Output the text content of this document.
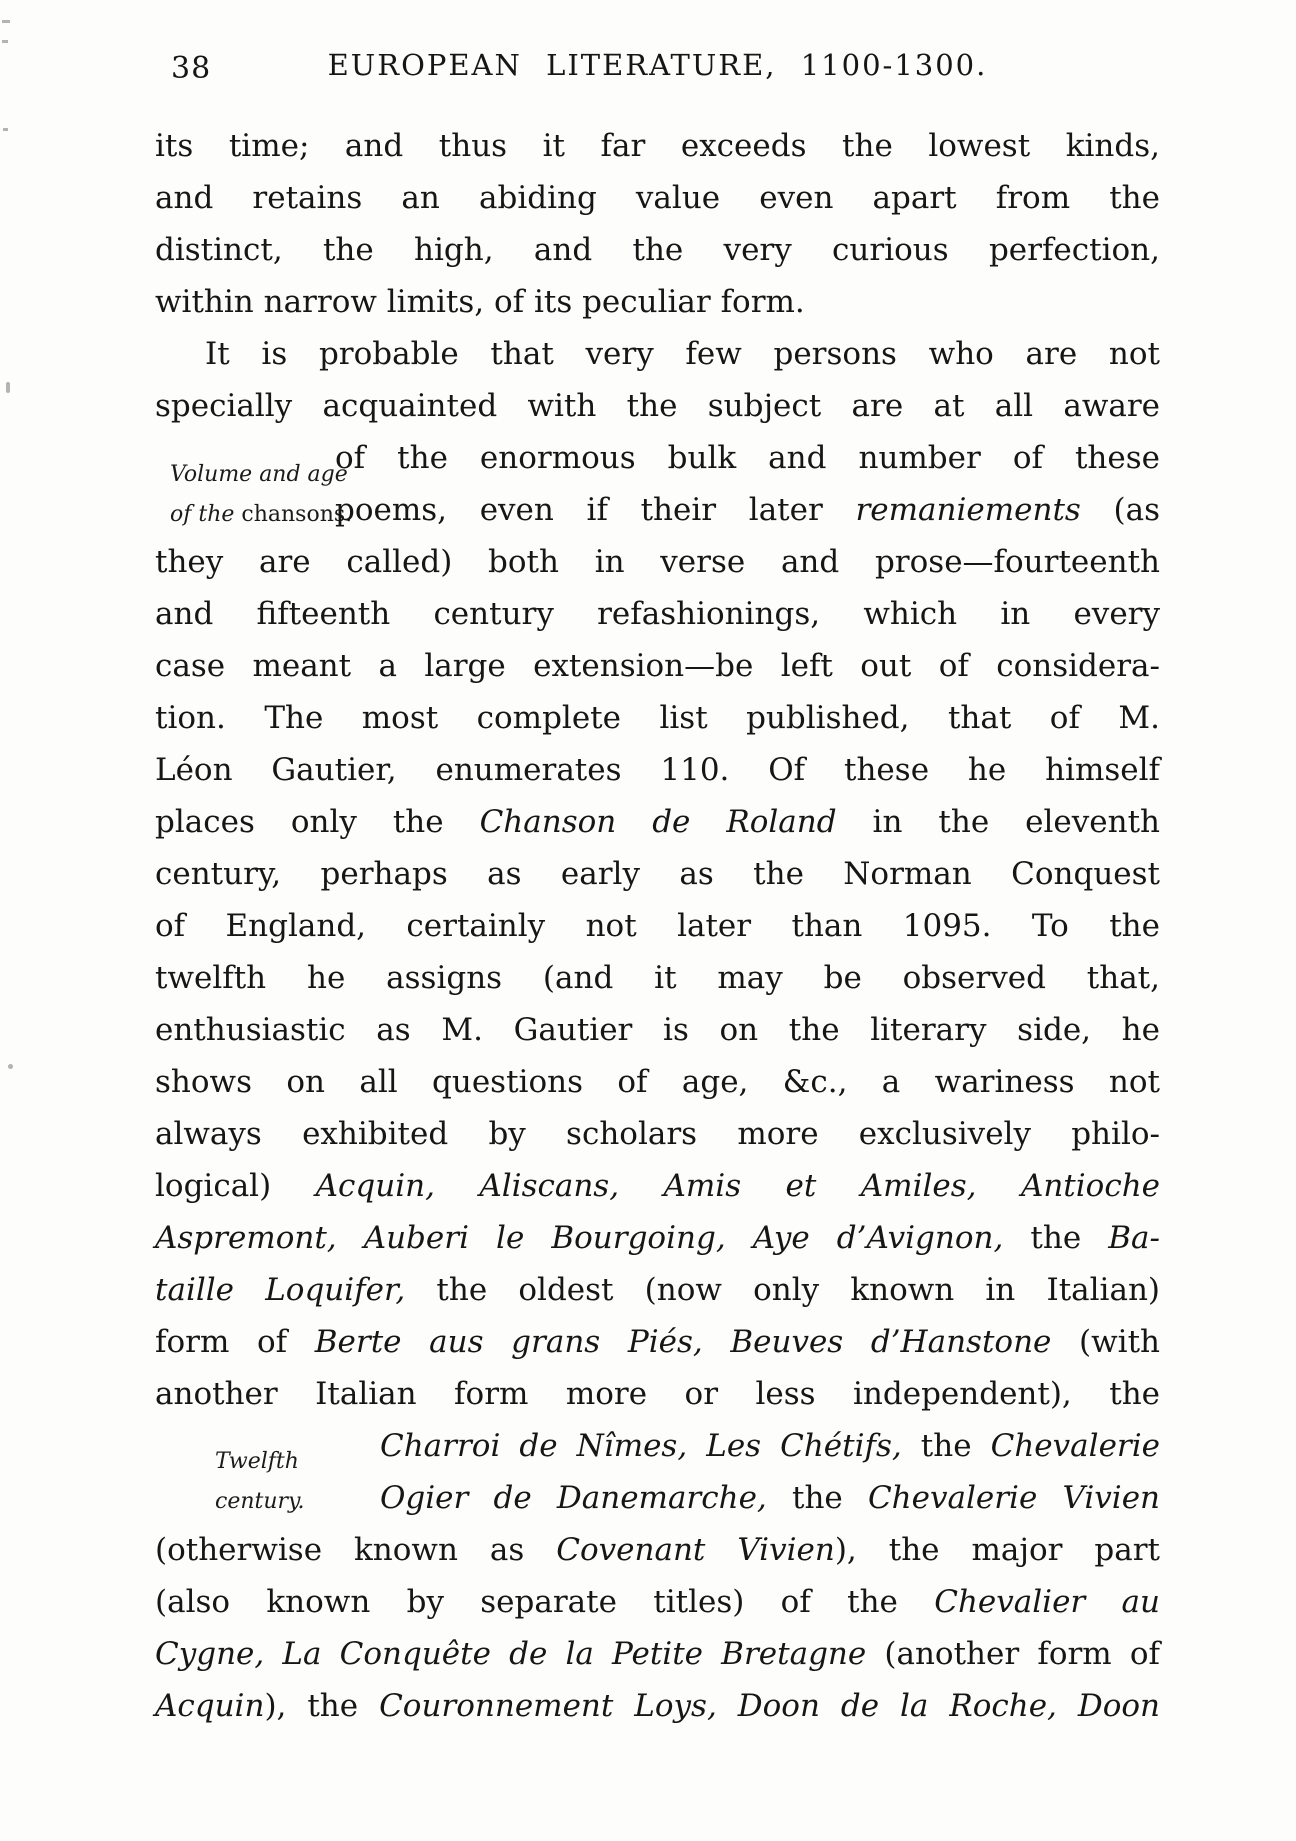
38	EUROPEAN LITERATURE, 1100-1300.
Volume and age
of the chansons.
Twelfth
century.
its time; and thus it far exceeds the lowest kinds,
and retains an abiding value even apart from the
distinct, the high, and the very curious perfection,
within narrow limits, of its peculiar form.
It is probable that very few persons who are not
specially acquainted with the subject are at all aware
of the enormous bulk and number of these
poems, even if their later remaniements (as
they are called) both in verse and prose—fourteenth
and fifteenth century refashionings, which in every
case meant a large extension—be left out of considera-
tion. The most complete list published, that of M.
Léon Gautier, enumerates 110. Of these he himself
places only the Chanson de Roland in the eleventh
century, perhaps as early as the Norman Conquest
of England, certainly not later than 1095. To the
twelfth he assigns (and it may be observed that,
enthusiastic as M. Gautier is on the literary side, he
shows on all questions of age, &c., a wariness not
always exhibited by scholars more exclusively philo-
logical) Acquin, Aliscans, Amis et Amiles, Antioche
Aspremont, Auberi le Bourgoing, Aye d’Avignon, the Ba-
taille Loquifer, the oldest (now only known in Italian)
form of Berte aus grans Piés, Beuves d’Hanstone (with
another Italian form more or less independent), the
Charroi de Nîmes, Les Chétifs, the Chevalerie
Ogier de Danemarche, the Chevalerie Vivien
(otherwise known as Covenant Vivien), the major part
(also known by separate titles) of the Chevalier au
Cygne, La Conquête de la Petite Bretagne (another form of
Acquin), the Couronnement Loys, Doon de la Roche, Doon
